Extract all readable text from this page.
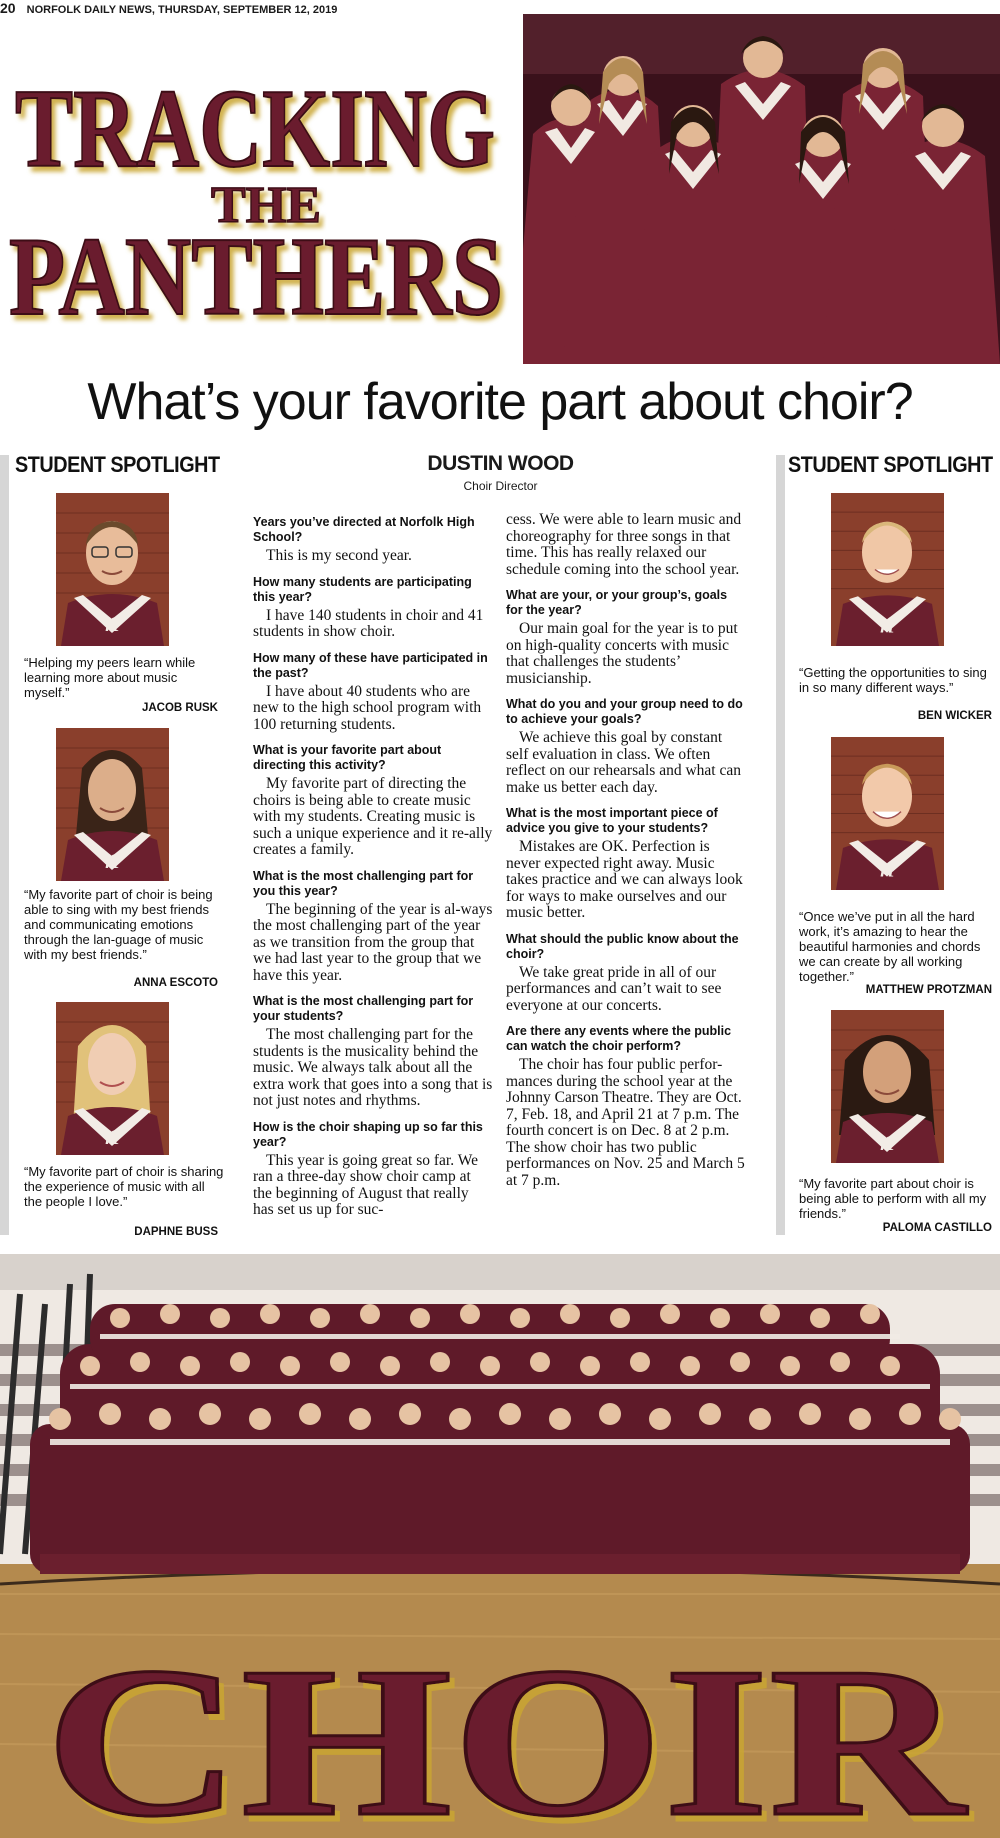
20 NORFOLK DAILY NEWS, THURSDAY, SEPTEMBER 12, 2019
TRACKING
THE
PANTHERS
What’s your favorite part about choir?
STUDENT SPOTLIGHT
n
“Helping my peers learn while learning more about music myself.”
JACOB RUSK
n
“My favorite part of choir is being able to sing with my best friends and communicating emotions through the lan-guage of music with my best friends.”
ANNA ESCOTO
n
“My favorite part of choir is sharing the experience of music with all the people I love.”
DAPHNE BUSS
DUSTIN WOOD
Choir Director
Years you’ve directed at Norfolk High School?
This is my second year.
How many students are participating this year?
I have 140 students in choir and 41 students in show choir.
How many of these have participated in the past?
I have about 40 students who are new to the high school program with 100 returning students.
What is your favorite part about directing this activity?
My favorite part of directing the choirs is being able to create music with my students. Creating music is such a unique experience and it re-ally creates a family.
What is the most challenging part for you this year?
The beginning of the year is al-ways the most challenging part of the year as we transition from the group that we had last year to the group that we have this year.
What is the most challenging part for your students?
The most challenging part for the students is the musicality behind the music. We always talk about all the extra work that goes into a song that is not just notes and rhythms.
How is the choir shaping up so far this year?
This year is going great so far. We ran a three-day show choir camp at the beginning of August that really has set us up for suc-
cess. We were able to learn music and choreography for three songs in that time. This has really relaxed our schedule coming into the school year.
What are your, or your group’s, goals for the year?
Our main goal for the year is to put on high-quality concerts with music that challenges the students’ musicianship.
What do you and your group need to do to achieve your goals?
We achieve this goal by constant self evaluation in class. We often reflect on our rehearsals and what can make us better each day.
What is the most important piece of advice you give to your students?
Mistakes are OK. Perfection is never expected right away. Music takes practice and we can always look for ways to make ourselves and our music better.
What should the public know about the choir?
We take great pride in all of our performances and can’t wait to see everyone at our concerts.
Are there any events where the public can watch the choir perform?
The choir has four public perfor-mances during the school year at the Johnny Carson Theatre. They are Oct. 7, Feb. 18, and April 21 at 7 p.m. The fourth concert is on Dec. 8 at 2 p.m. The show choir has two public performances on Nov. 25 and March 5 at 7 p.m.
STUDENT SPOTLIGHT
n
“Getting the opportunities to sing in so many different ways.”
BEN WICKER
n
“Once we’ve put in all the hard work, it’s amazing to hear the beautiful harmonies and chords we can create by all working together.”
MATTHEW PROTZMAN
n
“My favorite part about choir is being able to perform with all my friends.”
PALOMA CASTILLO
CHOIR
